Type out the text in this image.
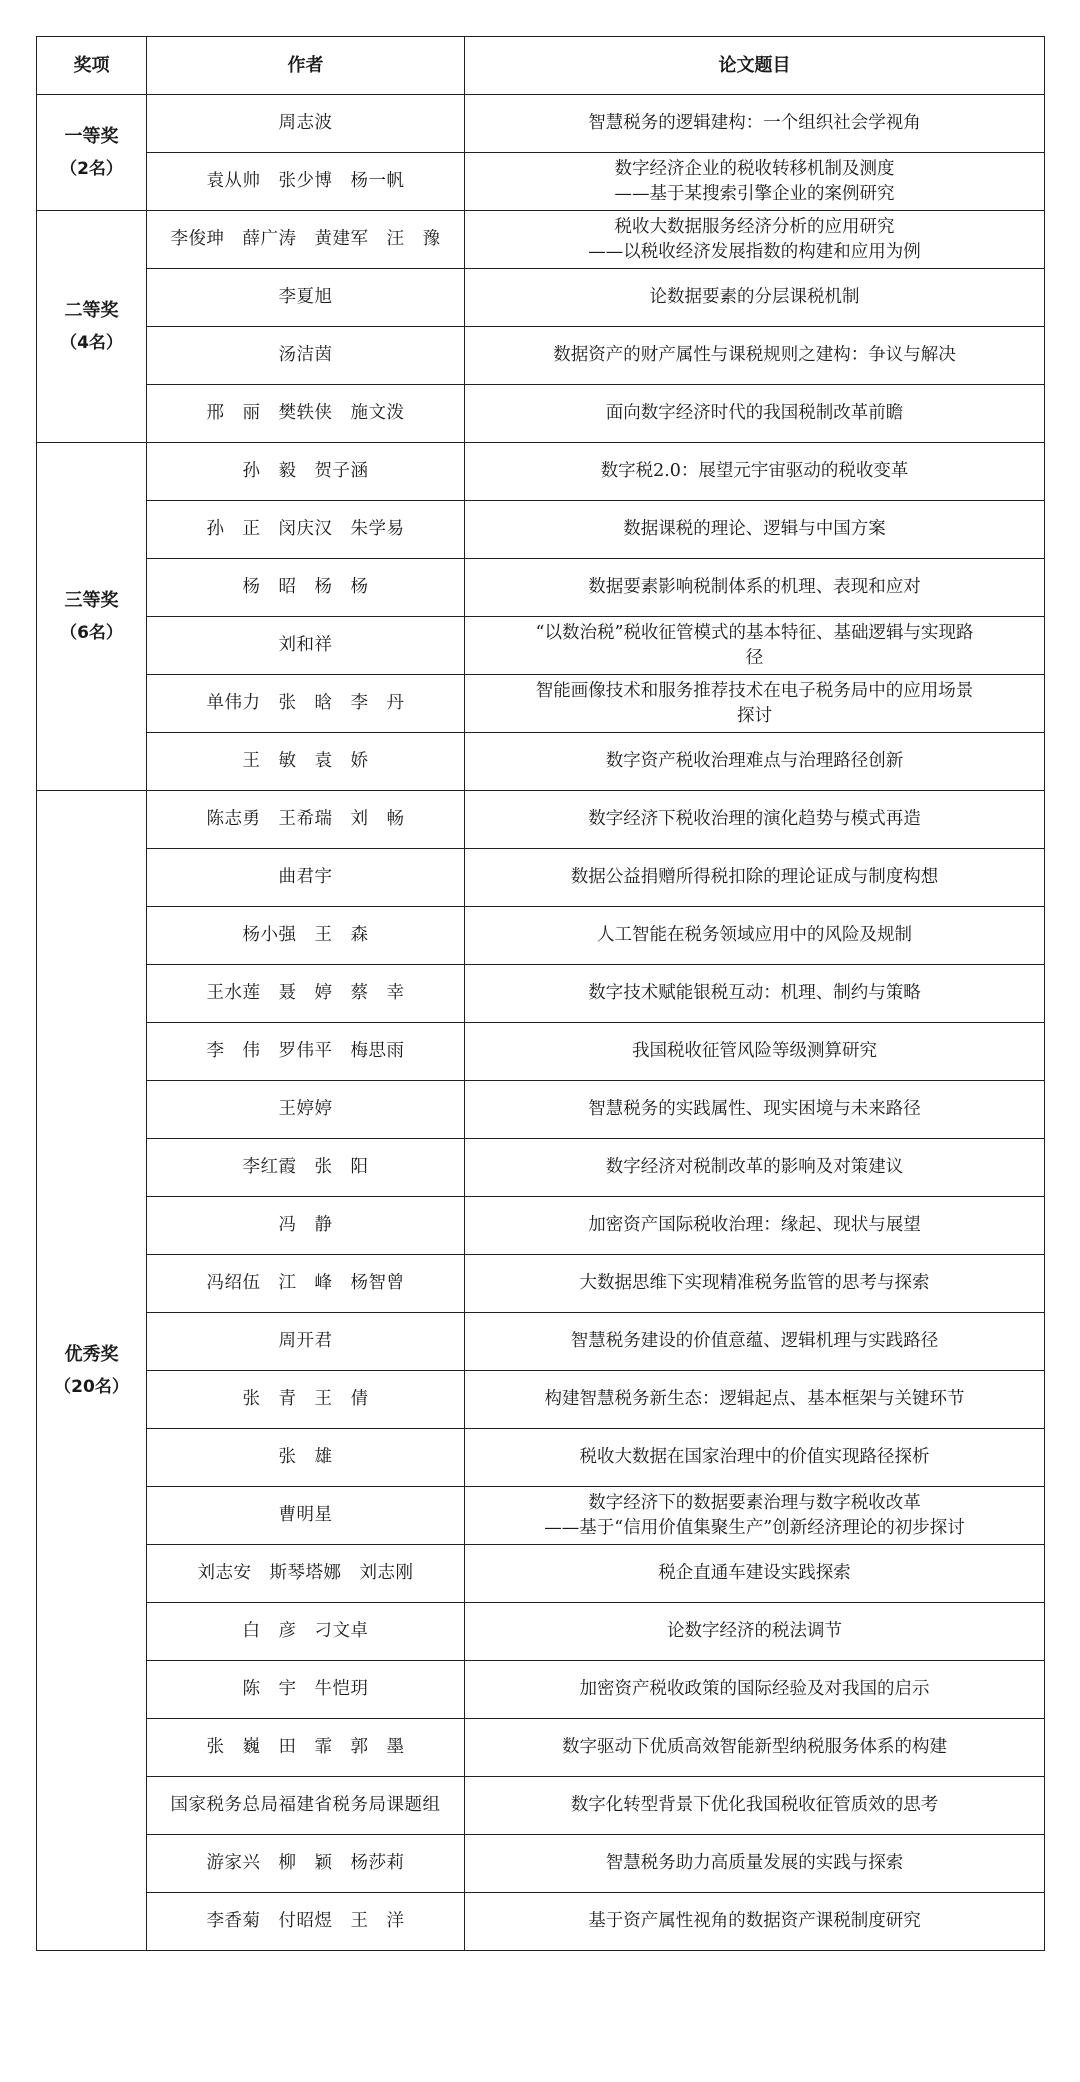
奖项	作者	论文题目

一等奖
（2名）	周志波	智慧税务的逻辑建构：一个组织社会学视角
	袁从帅　张少博　杨一帆	数字经济企业的税收转移机制及测度
——基于某搜索引擎企业的案例研究

二等奖
（4名）	李俊珅　薛广涛　黄建军　汪　豫	税收大数据服务经济分析的应用研究
——以税收经济发展指数的构建和应用为例
	李夏旭	论数据要素的分层课税机制
	汤洁茵	数据资产的财产属性与课税规则之建构：争议与解决
	邢　丽　樊轶侠　施文泼	面向数字经济时代的我国税制改革前瞻

三等奖
（6名）	孙　毅　贺子涵	数字税2.0：展望元宇宙驱动的税收变革
	孙　正　闵庆汉　朱学易	数据课税的理论、逻辑与中国方案
	杨　昭　杨　杨	数据要素影响税制体系的机理、表现和应对
	刘和祥	“以数治税”税收征管模式的基本特征、基础逻辑与实现路
径
	单伟力　张　晗　李　丹	智能画像技术和服务推荐技术在电子税务局中的应用场景
探讨
	王　敏　袁　娇	数字资产税收治理难点与治理路径创新

优秀奖
（20名）	陈志勇　王希瑞　刘　畅	数字经济下税收治理的演化趋势与模式再造
	曲君宇	数据公益捐赠所得税扣除的理论证成与制度构想
	杨小强　王　森	人工智能在税务领域应用中的风险及规制
	王水莲　聂　婷　蔡　幸	数字技术赋能银税互动：机理、制约与策略
	李　伟　罗伟平　梅思雨	我国税收征管风险等级测算研究
	王婷婷	智慧税务的实践属性、现实困境与未来路径
	李红霞　张　阳	数字经济对税制改革的影响及对策建议
	冯　静	加密资产国际税收治理：缘起、现状与展望
	冯绍伍　江　峰　杨智曾	大数据思维下实现精准税务监管的思考与探索
	周开君	智慧税务建设的价值意蕴、逻辑机理与实践路径
	张　青　王　倩	构建智慧税务新生态：逻辑起点、基本框架与关键环节
	张　雄	税收大数据在国家治理中的价值实现路径探析
	曹明星	数字经济下的数据要素治理与数字税收改革
——基于“信用价值集聚生产”创新经济理论的初步探讨
	刘志安　斯琴塔娜　刘志刚	税企直通车建设实践探索
	白　彦　刁文卓	论数字经济的税法调节
	陈　宇　牛恺玥	加密资产税收政策的国际经验及对我国的启示
	张　巍　田　霏　郭　墨	数字驱动下优质高效智能新型纳税服务体系的构建
	国家税务总局福建省税务局课题组	数字化转型背景下优化我国税收征管质效的思考
	游家兴　柳　颖　杨莎莉	智慧税务助力高质量发展的实践与探索
	李香菊　付昭煜　王　洋	基于资产属性视角的数据资产课税制度研究
